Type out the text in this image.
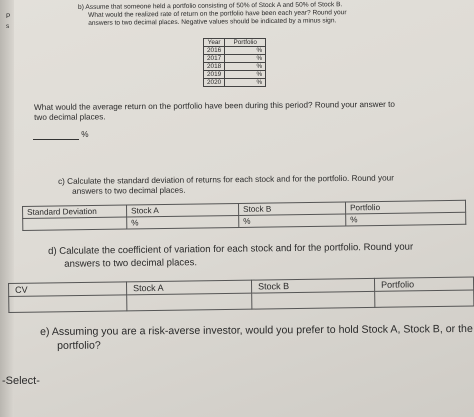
P
s
b) Assume that someone held a portfolio consisting of 50% of Stock A and 50% of Stock B.
What would the realized rate of return on the portfolio have been each year? Round your
answers to two decimal places. Negative values should be indicated by a minus sign.
Year	Portfolio
2016	%
2017	%
2018	%
2019	%
2020	%
What would the average return on the portfolio have been during this period? Round your answer to
two decimal places.
%
c) Calculate the standard deviation of returns for each stock and for the portfolio. Round your
answers to two decimal places.
Standard Deviation	Stock A	Stock B	Portfolio
	%	%	%
d) Calculate the coefficient of variation for each stock and for the portfolio. Round your
answers to two decimal places.
CV	Stock A	Stock B	Portfolio

e) Assuming you are a risk-averse investor, would you prefer to hold Stock A, Stock B, or the
portfolio?
-Select-
